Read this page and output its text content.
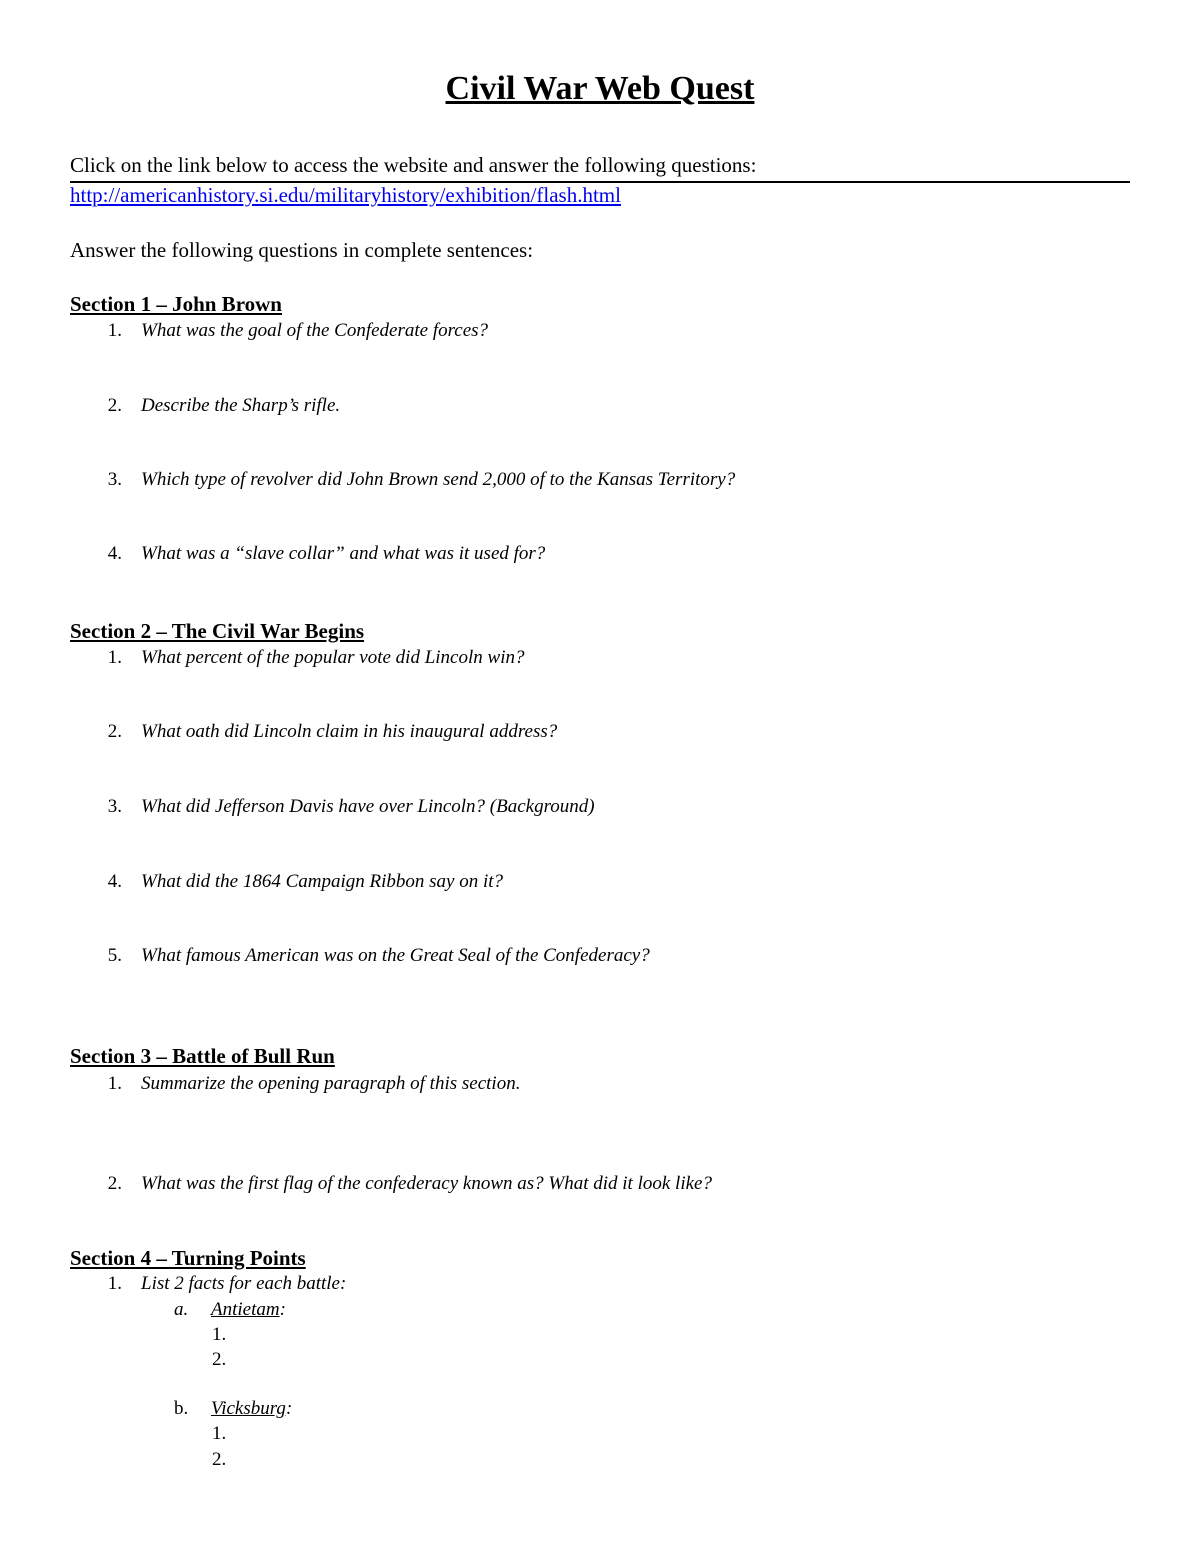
Civil War Web Quest
Click on the link below to access the website and answer the following questions:
http://americanhistory.si.edu/militaryhistory/exhibition/flash.html
Answer the following questions in complete sentences:
Section 1 – John Brown
1. What was the goal of the Confederate forces?
2. Describe the Sharp’s rifle.
3. Which type of revolver did John Brown send 2,000 of to the Kansas Territory?
4. What was a “slave collar” and what was it used for?
Section 2 – The Civil War Begins
1. What percent of the popular vote did Lincoln win?
2. What oath did Lincoln claim in his inaugural address?
3. What did Jefferson Davis have over Lincoln? (Background)
4. What did the 1864 Campaign Ribbon say on it?
5. What famous American was on the Great Seal of the Confederacy?
Section 3 – Battle of Bull Run
1. Summarize the opening paragraph of this section.
2. What was the first flag of the confederacy known as? What did it look like?
Section 4 – Turning Points
1. List 2 facts for each battle:
a. Antietam:
1.
2.
b. Vicksburg:
1.
2.
